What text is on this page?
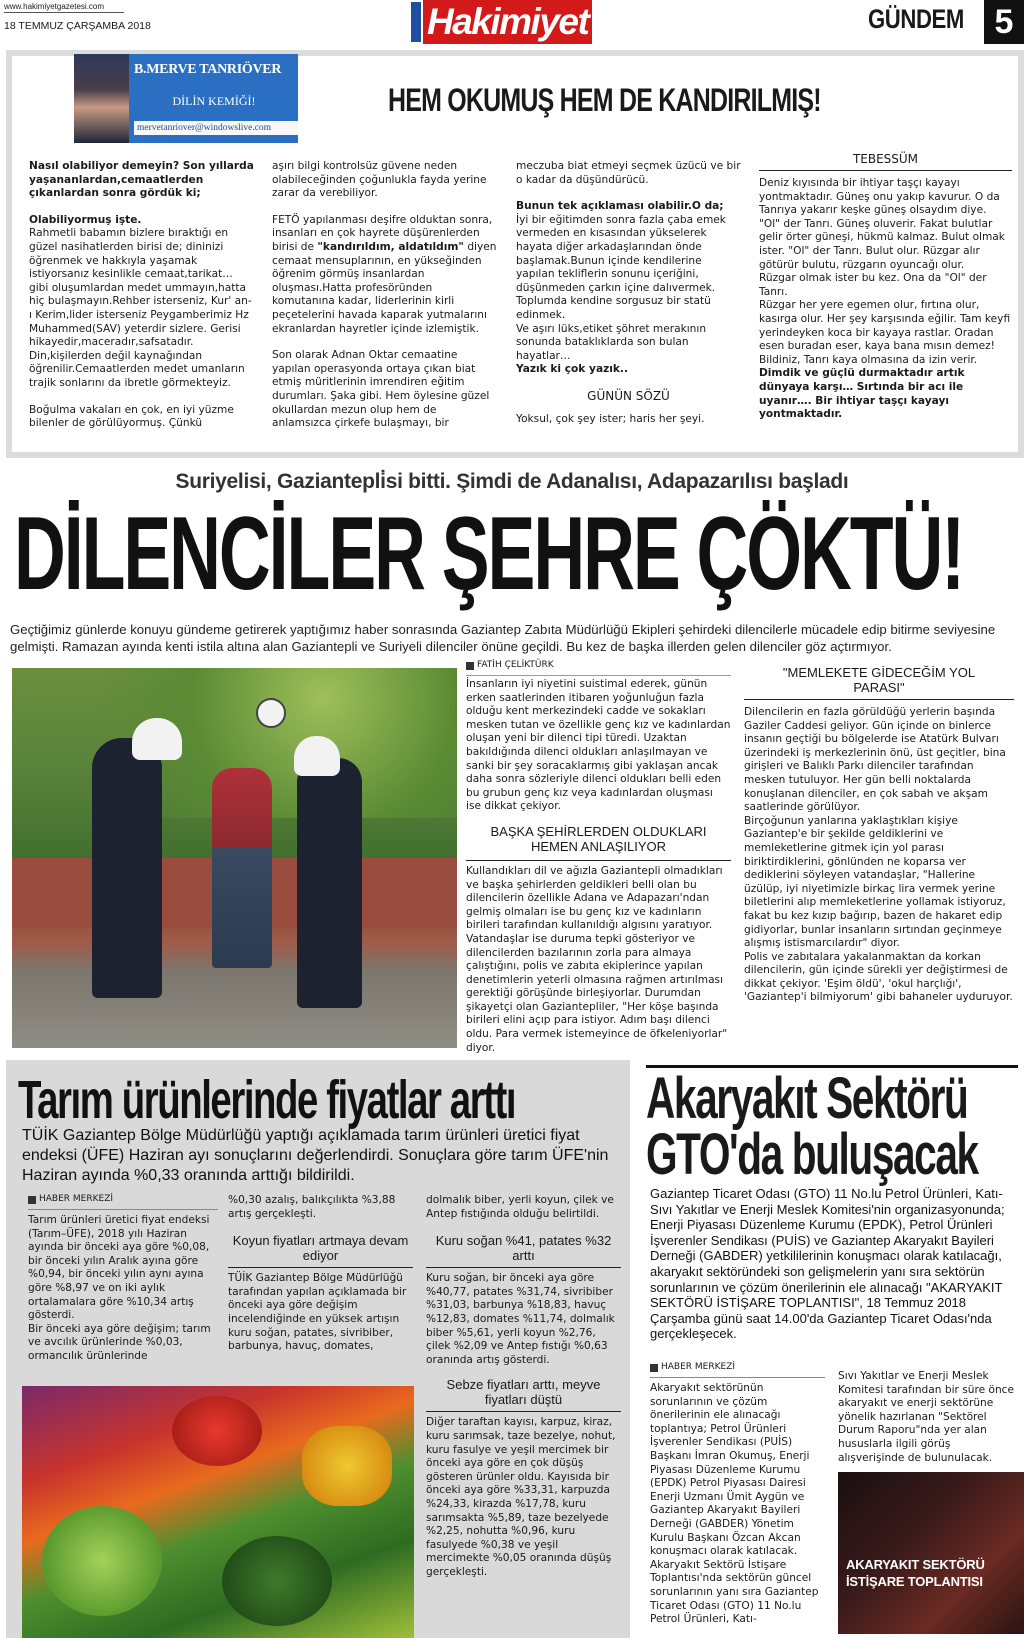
www.hakimiyetgazetesi.com
18 TEMMUZ ÇARŞAMBA 2018	Hakimiyet	GÜNDEM 5
B.MERVE TANRIÖVER
DİLİN KEMİĞİ!
mervetanriover@windowslive.com
HEM OKUMUŞ HEM DE KANDIRILMIŞ!

Nasıl olabiliyor demeyin? Son yıllarda yaşananlardan,cemaatlerden çıkanlardan sonra gördük ki;

Olabiliyormuş işte.
Rahmetli babamın bizlere bıraktığı en güzel nasihatlerden birisi de; dininizi öğrenmek ve hakkıyla yaşamak istiyorsanız kesinlikle cemaat,tarikat… gibi oluşumlardan medet ummayın,hatta hiç bulaşmayın.Rehber isterseniz, Kur' an-ı Kerim,lider isterseniz Peygamberimiz Hz Muhammed(SAV) yeterdir sizlere. Gerisi hikayedir,maceradır,safsatadır. Din,kişilerden değil kaynağından öğrenilir.Cemaatlerden medet umanların trajik sonlarını da ibretle görmekteyiz.

Boğulma vakaları en çok, en iyi yüzme bilenler de görülüyormuş. Çünkü

aşırı bilgi kontrolsüz güvene neden olabileceğinden çoğunlukla fayda yerine zarar da verebiliyor.

FETÖ yapılanması deşifre olduktan sonra, insanları en çok hayrete düşürenlerden birisi de "kandırıldım, aldatıldım" diyen cemaat mensuplarının, en yükseğinden öğrenim görmüş insanlardan oluşması.Hatta profesöründen komutanına kadar, liderlerinin kirli peçetelerini havada kaparak yutmalarını ekranlardan hayretler içinde izlemiştik.

Son olarak Adnan Oktar cemaatine yapılan operasyonda ortaya çıkan biat etmiş müritlerinin imrendiren eğitim durumları. Şaka gibi. Hem öylesine güzel okullardan mezun olup hem de anlamsızca çirkefe bulaşmayı, bir

meczuba biat etmeyi seçmek üzücü ve bir o kadar da düşündürücü.

Bunun tek açıklaması olabilir.O da;
İyi bir eğitimden sonra fazla çaba emek vermeden en kısasından yükselerek hayata diğer arkadaşlarından önde başlamak.Bunun içinde kendilerine yapılan tekliflerin sonunu içeriğini, düşünmeden çarkın içine dalıvermek. Toplumda kendine sorgusuz bir statü edinmek.

Ve aşırı lüks,etiket şöhret merakının sonunda bataklıklarda son bulan hayatlar…
Yazık ki çok yazık..

GÜNÜN SÖZÜ

Yoksul, çok şey ister; haris her şeyi.

TEBESSÜM

Deniz kıyısında bir ihtiyar taşçı kayayı yontmaktadır. Güneş onu yakıp kavurur. O da Tanrıya yakarır keşke güneş olsaydım diye.

"Ol" der Tanrı. Güneş oluverir. Fakat bulutlar gelir örter güneşi, hükmü kalmaz. Bulut olmak ister. "Ol" der Tanrı. Bulut olur. Rüzgar alır götürür bulutu, rüzgarın oyuncağı olur.

Rüzgar olmak ister bu kez. Ona da "Ol" der Tanrı.

Rüzgar her yere egemen olur, fırtına olur, kasırga olur. Her şey karşısında eğilir. Tam keyfi yerindeyken koca bir kayaya rastlar. Oradan esen buradan eser, kaya bana mısın demez! Bildiniz, Tanrı kaya olmasına da izin verir. Dimdik ve güçlü durmaktadır artık dünyaya karşı… Sırtında bir acı ile uyanır…. Bir ihtiyar taşçı kayayı yontmaktadır.

Suriyelisi, Gaziantepli̇si bitti. Şimdi de Adanalısı, Adapazarılısı başladı
DİLENCİLER ŞEHRE ÇÖKTÜ!
Geçtiğimiz günlerde konuyu gündeme getirerek yaptığımız haber sonrasında Gaziantep Zabıta Müdürlüğü Ekipleri şehirdeki dilencilerle mücadele edip bitirme seviyesine gelmişti. Ramazan ayında kenti istila altına alan Gaziantepli ve Suriyeli dilenciler önüne geçildi. Bu kez de başka illerden gelen dilenciler göz açtırmıyor.
FATİH ÇELİKTÜRK

İnsanların iyi niyetini suistimal ederek, günün erken saatlerinden itibaren yoğunluğun fazla olduğu kent merkezindeki cadde ve sokakları mesken tutan ve özellikle genç kız ve kadınlardan oluşan yeni bir dilenci tipi türedi. Uzaktan bakıldığında dilenci oldukları anlaşılmayan ve sanki bir şey soracaklarmış gibi yaklaşan ancak daha sonra sözleriyle dilenci oldukları belli eden bu grubun genç kız veya kadınlardan oluşması ise dikkat çekiyor.

BAŞKA ŞEHİRLERDEN OLDUKLARI HEMEN ANLAŞILIYOR

Kullandıkları dil ve ağızla Gaziantepli olmadıkları ve başka şehirlerden geldikleri belli olan bu dilencilerin özellikle Adana ve Adapazarı'ndan gelmiş olmaları ise bu genç kız ve kadınların birileri tarafından kullanıldığı algısını yaratıyor. Vatandaşlar ise duruma tepki gösteriyor ve dilencilerden bazılarının zorla para almaya çalıştığını, polis ve zabıta ekiplerince yapılan denetimlerin yeterli olmasına rağmen artırılması gerektiği görüşünde birleşiyorlar. Durumdan şikayetçi olan Gaziantepliler, "Her köşe başında birileri elini açıp para istiyor. Adım başı dilenci oldu. Para vermek istemeyince de öfkeleniyorlar" diyor.

"MEMLEKETE GİDECEĞİM YOL PARASI"

Dilencilerin en fazla görüldüğü yerlerin başında Gaziler Caddesi geliyor. Gün içinde on binlerce insanın geçtiği bu bölgelerde ise Atatürk Bulvarı üzerindeki iş merkezlerinin önü, üst geçitler, bina girişleri ve Balıklı Parkı dilenciler tarafından mesken tutuluyor. Her gün belli noktalarda konuşlanan dilenciler, en çok sabah ve akşam saatlerinde görülüyor.

Birçoğunun yanlarına yaklaştıkları kişiye Gaziantep'e bir şekilde geldiklerini ve memleketlerine gitmek için yol parası biriktirdiklerini, gönlünden ne koparsa ver dediklerini söyleyen vatandaşlar, "Hallerine üzülüp, iyi niyetimizle birkaç lira vermek yerine biletlerini alıp memleketlerine yollamak istiyoruz, fakat bu kez kızıp bağırıp, bazen de hakaret edip gidiyorlar, bunlar insanların sırtından geçinmeye alışmış istismarcılardır" diyor.

Polis ve zabıtalara yakalanmaktan da korkan dilencilerin, gün içinde sürekli yer değiştirmesi de dikkat çekiyor. 'Eşim öldü', 'okul harçlığı', 'Gaziantep'i bilmiyorum' gibi bahaneler uyduruyor.

Tarım ürünlerinde fiyatlar arttı
TÜİK Gaziantep Bölge Müdürlüğü yaptığı açıklamada tarım ürünleri üretici fiyat endeksi (ÜFE) Haziran ayı sonuçlarını değerlendirdi. Sonuçlara göre tarım ÜFE'nin Haziran ayında %0,33 oranında arttığı bildirildi.
HABER MERKEZİ

Tarım ürünleri üretici fiyat endeksi (Tarım–ÜFE), 2018 yılı Haziran ayında bir önceki aya göre %0,08, bir önceki yılın Aralık ayına göre %0,94, bir önceki yılın aynı ayına göre %8,97 ve on iki aylık ortalamalara göre %10,34 artış gösterdi.

Bir önceki aya göre değişim; tarım ve avcılık ürünlerinde %0,03, ormancılık ürünlerinde

%0,30 azalış, balıkçılıkta %3,88 artış gerçekleşti.

Koyun fiyatları artmaya devam ediyor

TÜİK Gaziantep Bölge Müdürlüğü tarafından yapılan açıklamada bir önceki aya göre değişim incelendiğinde en yüksek artışın kuru soğan, patates, sivribiber, barbunya, havuç, domates,

dolmalık biber, yerli koyun, çilek ve Antep fıstığında olduğu belirtildi.

Kuru soğan %41, patates %32 arttı

Kuru soğan, bir önceki aya göre %40,77, patates %31,74, sivribiber %31,03, barbunya %18,83, havuç %12,83, domates %11,74, dolmalık biber %5,61, yerli koyun %2,76, çilek %2,09 ve Antep fıstığı %0,63 oranında artış gösterdi.

Sebze fiyatları arttı, meyve fiyatları düştü

Diğer taraftan kayısı, karpuz, kiraz, kuru sarımsak, taze bezelye, nohut, kuru fasulye ve yeşil mercimek bir önceki aya göre en çok düşüş gösteren ürünler oldu. Kayısıda bir önceki aya göre %33,31, karpuzda %24,33, kirazda %17,78, kuru sarımsakta %5,89, taze bezelyede %2,25, nohutta %0,96, kuru fasulyede %0,38 ve yeşil mercimekte %0,05 oranında düşüş gerçekleşti.

Akaryakıt Sektörü
GTO'da buluşacak
Gaziantep Ticaret Odası (GTO) 11 No.lu Petrol Ürünleri, Katı-Sıvı Yakıtlar ve Enerji Meslek Komitesi'nin organizasyonunda; Enerji Piyasası Düzenleme Kurumu (EPDK), Petrol Ürünleri İşverenler Sendikası (PUİS) ve Gaziantep Akaryakıt Bayileri Derneği (GABDER) yetkililerinin konuşmacı olarak katılacağı, akaryakıt sektöründeki son gelişmelerin yanı sıra sektörün sorunlarının ve çözüm önerilerinin ele alınacağı "AKARYAKIT SEKTÖRÜ İSTİŞARE TOPLANTISI", 18 Temmuz 2018 Çarşamba günü saat 14.00'da Gaziantep Ticaret Odası'nda gerçekleşecek.
HABER MERKEZİ

Akaryakıt sektörünün sorunlarının ve çözüm önerilerinin ele alınacağı toplantıya; Petrol Ürünleri İşverenler Sendikası (PUİS) Başkanı İmran Okumuş, Enerji Piyasası Düzenleme Kurumu (EPDK) Petrol Piyasası Dairesi Enerji Uzmanı Ümit Aygün ve Gaziantep Akaryakıt Bayileri Derneği (GABDER) Yönetim Kurulu Başkanı Özcan Akcan konuşmacı olarak katılacak. Akaryakıt Sektörü İstişare Toplantısı'nda sektörün güncel sorunlarının yanı sıra Gaziantep Ticaret Odası (GTO) 11 No.lu Petrol Ürünleri, Katı-

Sıvı Yakıtlar ve Enerji Meslek Komitesi tarafından bir süre önce akaryakıt ve enerji sektörüne yönelik hazırlanan "Sektörel Durum Raporu"nda yer alan hususlarla ilgili görüş alışverişinde de bulunulacak.

AKARYAKIT SEKTÖRÜ İSTİŞARE TOPLANTISI
